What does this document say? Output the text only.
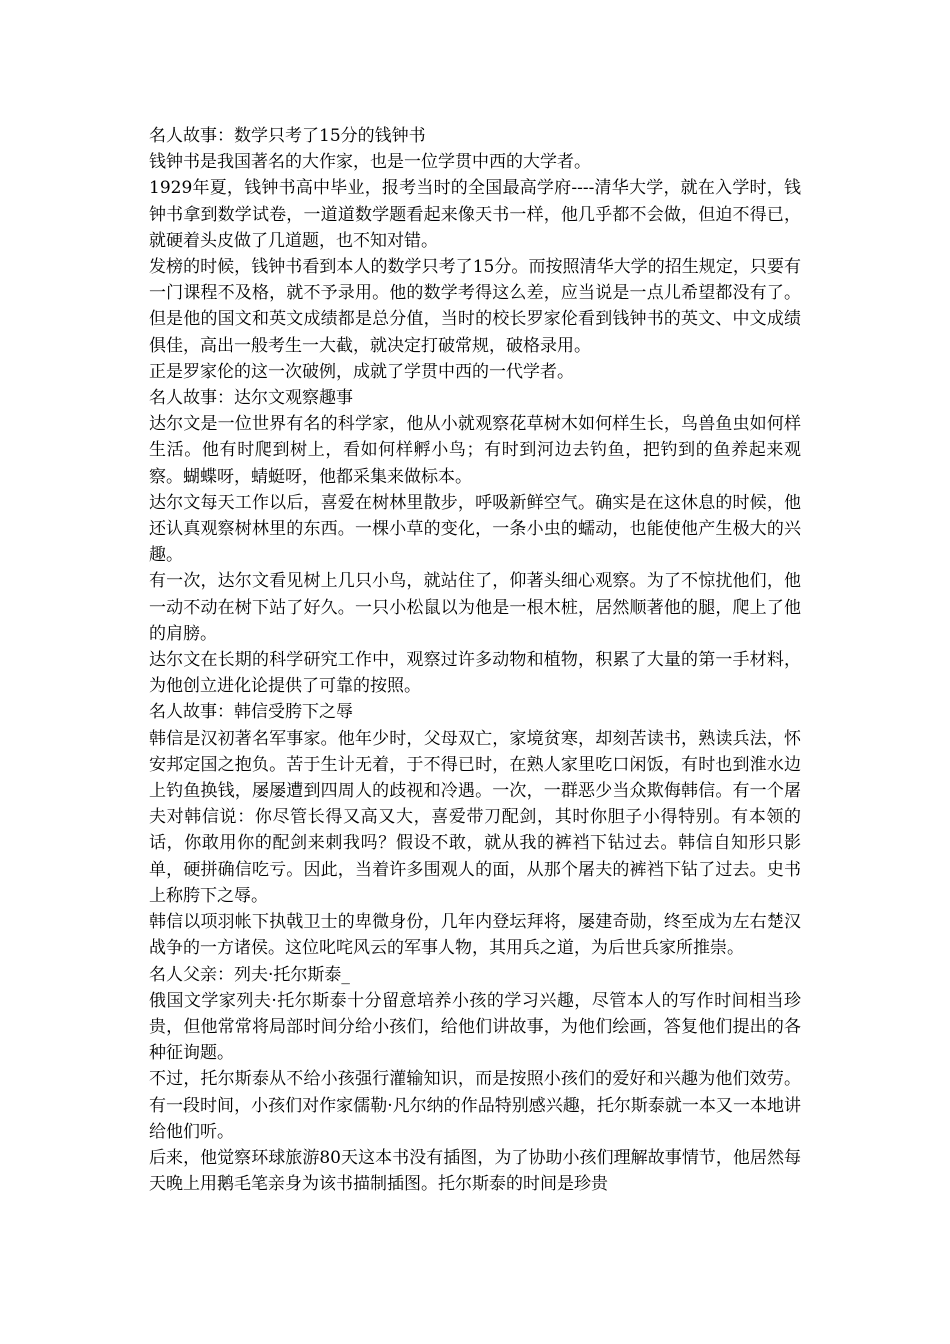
名人故事：数学只考了15分的钱钟书

钱钟书是我国著名的大作家，也是一位学贯中西的大学者。

1929年夏，钱钟书高中毕业，报考当时的全国最高学府----清华大学，就在入学时，钱钟书拿到数学试卷，一道道数学题看起来像天书一样，他几乎都不会做，但迫不得已，就硬着头皮做了几道题，也不知对错。

发榜的时候，钱钟书看到本人的数学只考了15分。而按照清华大学的招生规定，只要有一门课程不及格，就不予录用。他的数学考得这么差，应当说是一点儿希望都没有了。但是他的国文和英文成绩都是总分值，当时的校长罗家伦看到钱钟书的英文、中文成绩俱佳，高出一般考生一大截，就决定打破常规，破格录用。

正是罗家伦的这一次破例，成就了学贯中西的一代学者。

名人故事：达尔文观察趣事

达尔文是一位世界有名的科学家，他从小就观察花草树木如何样生长，鸟兽鱼虫如何样生活。他有时爬到树上，看如何样孵小鸟；有时到河边去钓鱼，把钓到的鱼养起来观察。蝴蝶呀，蜻蜓呀，他都采集来做标本。

达尔文每天工作以后，喜爱在树林里散步，呼吸新鲜空气。确实是在这休息的时候，他还认真观察树林里的东西。一棵小草的变化，一条小虫的蠕动，也能使他产生极大的兴趣。

有一次，达尔文看见树上几只小鸟，就站住了，仰著头细心观察。为了不惊扰他们，他一动不动在树下站了好久。一只小松鼠以为他是一根木桩，居然顺著他的腿，爬上了他的肩膀。

达尔文在长期的科学研究工作中，观察过许多动物和植物，积累了大量的第一手材料，为他创立进化论提供了可靠的按照。

名人故事：韩信受胯下之辱

韩信是汉初著名军事家。他年少时，父母双亡，家境贫寒，却刻苦读书，熟读兵法，怀安邦定国之抱负。苦于生计无着，于不得已时，在熟人家里吃口闲饭，有时也到淮水边上钓鱼换钱，屡屡遭到四周人的歧视和冷遇。一次，一群恶少当众欺侮韩信。有一个屠夫对韩信说：你尽管长得又高又大，喜爱带刀配剑，其时你胆子小得特别。有本领的话，你敢用你的配剑来刺我吗？假设不敢，就从我的裤裆下钻过去。韩信自知形只影单，硬拼确信吃亏。因此，当着许多围观人的面，从那个屠夫的裤裆下钻了过去。史书上称胯下之辱。

韩信以项羽帐下执戟卫士的卑微身份，几年内登坛拜将，屡建奇勋，终至成为左右楚汉战争的一方诸侯。这位叱咤风云的军事人物，其用兵之道，为后世兵家所推崇。

名人父亲：列夫·托尔斯泰_

俄国文学家列夫·托尔斯泰十分留意培养小孩的学习兴趣，尽管本人的写作时间相当珍贵，但他常常将局部时间分给小孩们，给他们讲故事，为他们绘画，答复他们提出的各种征询题。

不过，托尔斯泰从不给小孩强行灌输知识，而是按照小孩们的爱好和兴趣为他们效劳。有一段时间，小孩们对作家儒勒·凡尔纳的作品特别感兴趣，托尔斯泰就一本又一本地讲给他们听。

后来，他觉察环球旅游80天这本书没有插图，为了协助小孩们理解故事情节，他居然每天晚上用鹅毛笔亲身为该书描制插图。托尔斯泰的时间是珍贵
